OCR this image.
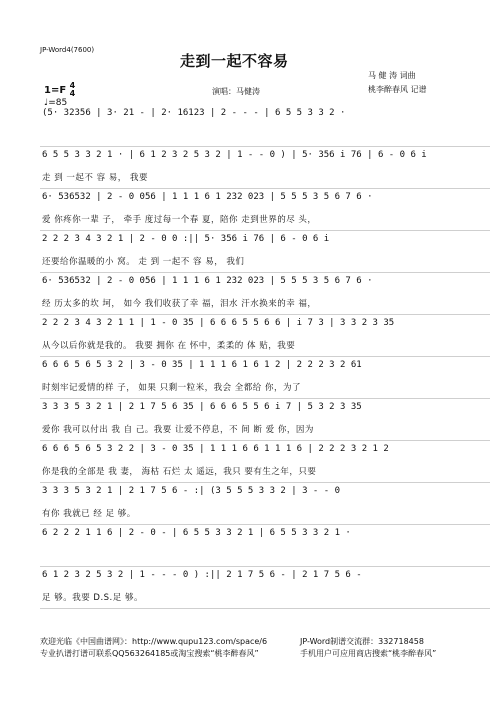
JP-Word4(7600)
走到一起不容易
1=F 4
4
♩=85
演唱：马健涛
马 健 涛 词曲
桃李醉春风 记谱
(5· 32356 | 3· 21 - | 2· 16123 | 2 - - - | 6 5 5 3 3 2 ·
6 5 5 3 3 2 1 · | 6 1 2 3 2 5 3 2 | 1 - - 0 ) | 5· 356 i 76 | 6 - 0 6 i
走 到 一起不 容 易， 我要
6· 536532 | 2 - 0 056 | 1 1 1 6 1 232 023 | 5 5 5 3 5 6 7 6 ·
爱 你疼你一辈 子， 牵手 度过每一个春 夏，陪你 走到世界的尽 头，
2 2 2 3 4 3 2 1 | 2 - 0 0 :|| 5· 356 i 76 | 6 - 0 6 i
还要给你温暖的小 窝。 走 到 一起不 容 易， 我们
6· 536532 | 2 - 0 056 | 1 1 1 6 1 232 023 | 5 5 5 3 5 6 7 6 ·
经 历太多的坎 坷， 如今 我们收获了幸 福，泪水 汗水换来的幸 福，
2 2 2 3 4 3 2 1 1 | 1 - 0 35 | 6 6 6 5 5 6 6 | i 7 3 | 3 3 2 3 35
从今以后你就是我的。 我要 拥你 在 怀中，柔柔的 体 贴，我要
6 6 6 5 6 5 3 2 | 3 - 0 35 | 1 1 1 6 1 6 1 2 | 2 2 2 3 2 61
时刻牢记爱情的样 子， 如果 只剩一粒米，我会 全都给 你，为了
3 3 3 5 3 2 1 | 2 1 7 5 6 35 | 6 6 6 5 5 6 i 7 | 5 3 2 3 35
爱你 我可以付出 我 自 己。我要 让爱不停息，不 间 断 爱 你，因为
6 6 6 5 6 5 3 2 2 | 3 - 0 35 | 1 1 1 6 6 1 1 1 6 | 2 2 2 3 2 1 2
你是我的全部是 我 妻， 海枯 石烂 太 遥远，我只 要有生之年，只要
3 3 3 5 3 2 1 | 2 1 7 5 6 - :| (3 5 5 5 3 3 2 | 3 - - 0
有你 我就已 经 足 够。
6 2 2 2 1 1 6 | 2 - 0 - | 6 5 5 3 3 2 1 | 6 5 5 3 3 2 1 ·
6 1 2 3 2 5 3 2 | 1 - - - 0 ) :|| 2 1 7 5 6 - | 2 1 7 5 6 -
足 够。我要 D.S.足 够。
欢迎光临《中国曲谱网》：http://www.qupu123.com/space/6
专业扒谱打谱可联系QQ563264185或淘宝搜索“桃李醉春风”
JP-Word制谱交流群：332718458
手机用户可应用商店搜索“桃李醉春风”
